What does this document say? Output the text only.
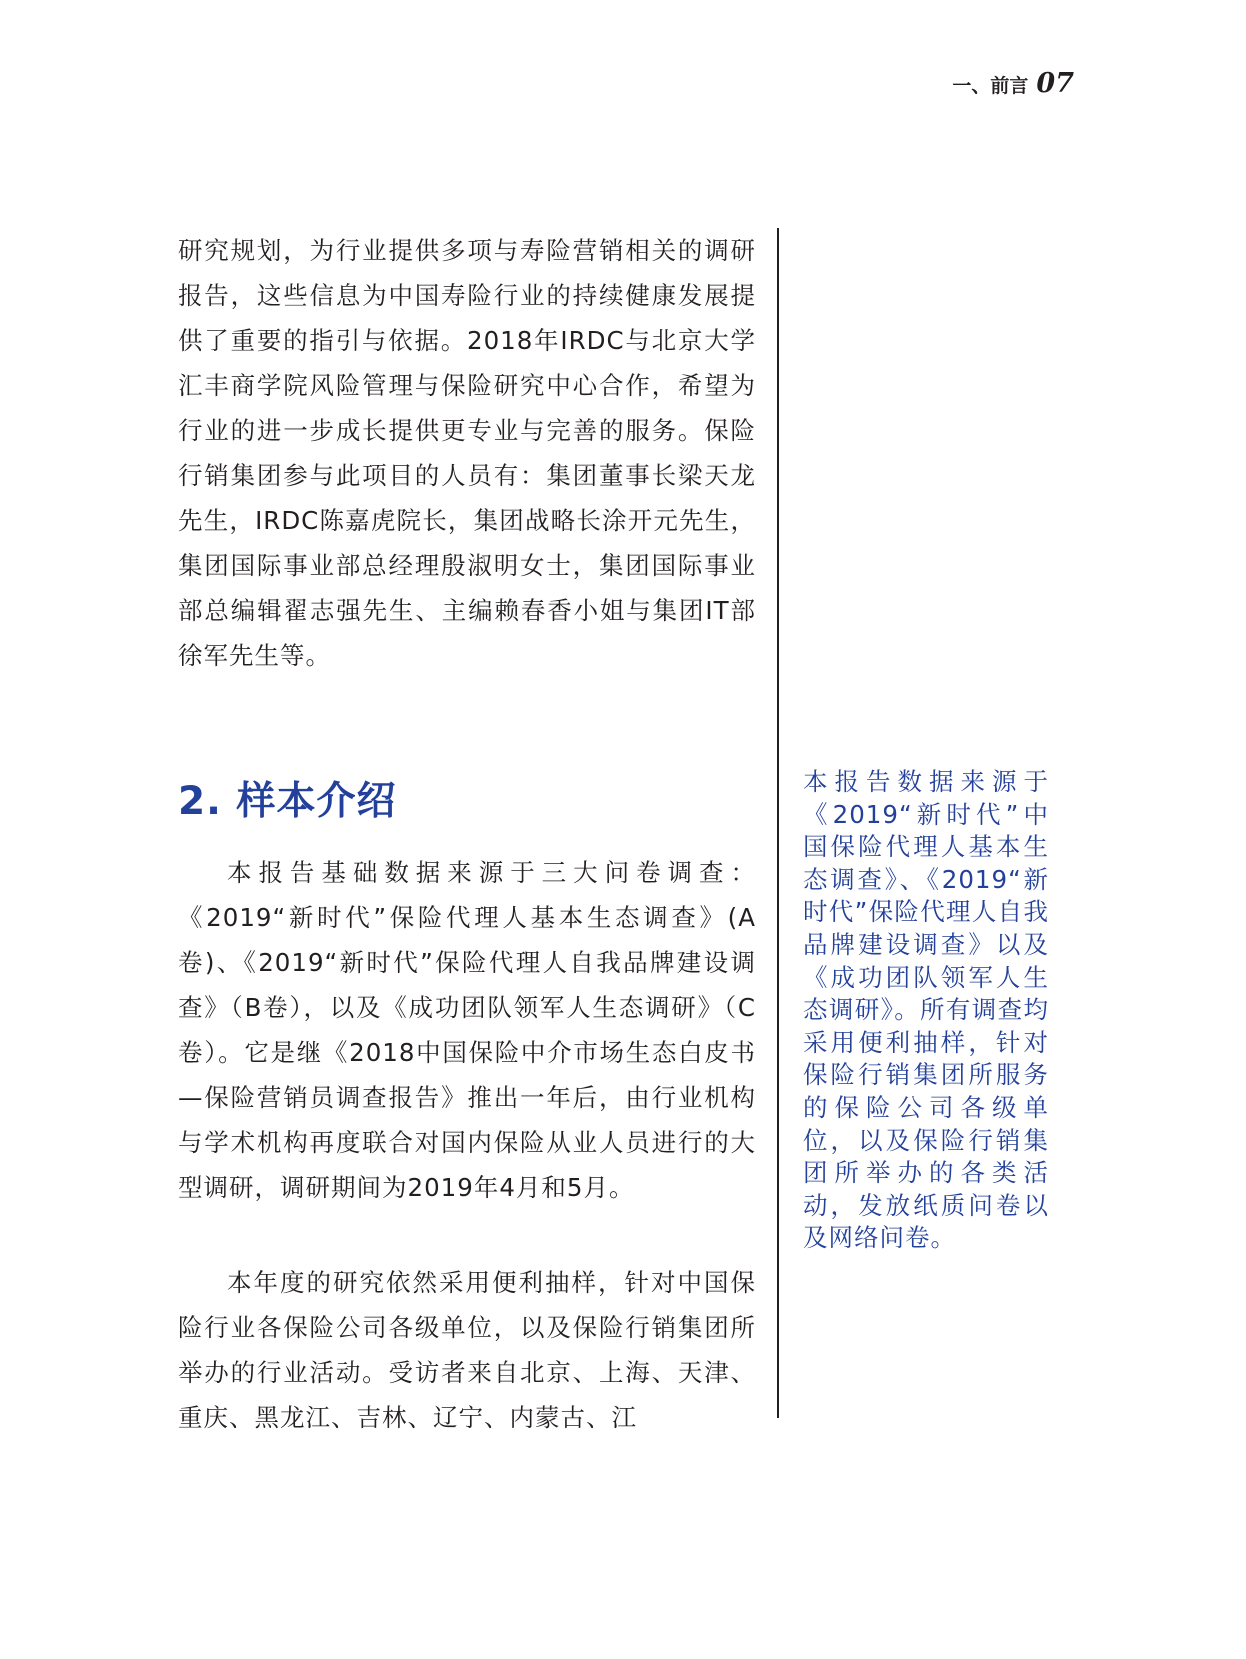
一、前言 07

研究规划，为行业提供多项与寿险营销相关的调研报告，这些信息为中国寿险行业的持续健康发展提供了重要的指引与依据。2018年IRDC与北京大学汇丰商学院风险管理与保险研究中心合作，希望为行业的进一步成长提供更专业与完善的服务。保险行销集团参与此项目的人员有：集团董事长梁天龙先生，IRDC陈嘉虎院长，集团战略长涂开元先生，集团国际事业部总经理殷淑明女士，集团国际事业部总编辑翟志强先生、主编赖春香小姐与集团IT部徐军先生等。

2. 样本介绍

本报告基础数据来源于三大问卷调查：《2019“新时代”保险代理人基本生态调查》(A卷)、《2019“新时代”保险代理人自我品牌建设调查》（B卷），以及《成功团队领军人生态调研》（C卷）。它是继《2018中国保险中介市场生态白皮书—保险营销员调查报告》推出一年后，由行业机构与学术机构再度联合对国内保险从业人员进行的大型调研，调研期间为2019年4月和5月。

本年度的研究依然采用便利抽样，针对中国保险行业各保险公司各级单位，以及保险行销集团所举办的行业活动。受访者来自北京、上海、天津、重庆、黑龙江、吉林、辽宁、内蒙古、江

本报告数据来源于《2019“新时代”中国保险代理人基本生态调查》、《2019“新时代”保险代理人自我品牌建设调查》以及《成功团队领军人生态调研》。所有调查均采用便利抽样，针对保险行销集团所服务的保险公司各级单位，以及保险行销集团所举办的各类活动，发放纸质问卷以及网络问卷。
